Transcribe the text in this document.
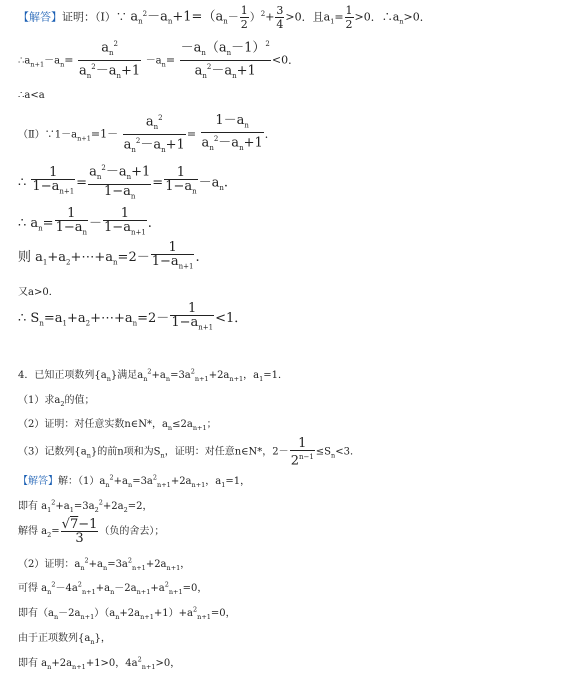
【解答】证明：（Ⅰ）∵ $a_n^2-a_n+1=(a_n- \frac{1}{2} )^2+ \frac{3}{4} >0$．且$a_1= \frac{1}{2} >0$．$\therefore a_n>0$．
$\therefore a_{n+1}-a_n= \frac{a_n^2}{a_n^2-a_n+1} -a_n= \frac{-a_n(a_n-1)^2}{a_n^2-a_n+1} <0$．
∴a<a
$(Ⅱ)\because 1-a_{n+1}=1- \frac{a_n^2}{a_n^2-a_n+1} = \frac{1-a_n}{a_n^2-a_n+1}$ ．
∴ $\frac{1}{1-a_{n+1}} = \frac{a_n^2-a_n+1}{1-a_n} = \frac{1}{1-a_n} -a_n$.
∴ $a_n= \frac{1}{1-a_n} - \frac{1}{1-a_{n+1}}$ .
则 $a_1+a_2+\cdots+a_n=2- \frac{1}{1-a_{n+1}}$ .
又a>0．
∴ $S_n=a_1+a_2+\cdots+a_n=2- \frac{1}{1-a_{n+1}} <1$．
4．已知正项数列$\{a_n\}$满足$a_n^2+a_n=3a^2_{n+1}+2a_{n+1}$，$a_1=1$．
（1）求$a_2$的值；
（2）证明：对任意实数n∈N*，$a_n\le 2a_{n+1}$；
（3）记数列$\{a_n\}$的前n项和为$S_n$，证明：对任意n∈N*，$2- \frac{1}{2^{n-1}} \le S_n<3$．
【解答】解：$(1)a_n^2+a_n=3a^2_{n+1}+2a_{n+1}$，$a_1=1$，
即有 $a_1^2+a_1=3a_2^2+2a_2=2$，
解得 $a_2= \frac{√7-1}{3}$ （负的舍去）；
（2）证明：$a_n^2+a_n=3a^2_{n+1}+2a_{n+1}$，
可得 $a_n^2-4a^2_{n+1}+a_n-2a_{n+1}+a^2_{n+1}=0$，
即有$(a_n-2a_{n+1})(a_n+2a_{n+1}+1)+a^2_{n+1}=0$，
由于正项数列$\{a_n\}$，
即有 $a_n+2a_{n+1}+1>0$，$4a^2_{n+1}>0$，
